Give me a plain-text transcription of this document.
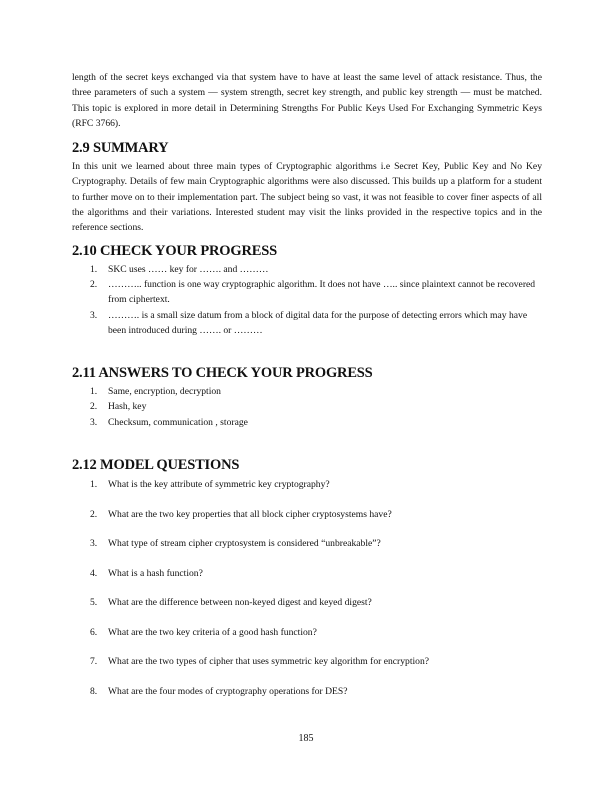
length of the secret keys exchanged via that system have to have at least the same level of attack resistance. Thus, the three parameters of such a system — system strength, secret key strength, and public key strength — must be matched. This topic is explored in more detail in Determining Strengths For Public Keys Used For Exchanging Symmetric Keys (RFC 3766).

2.9 SUMMARY

In this unit we learned about three main types of Cryptographic algorithms i.e Secret Key, Public Key and No Key Cryptography. Details of few main Cryptographic algorithms were also discussed. This builds up a platform for a student to further move on to their implementation part. The subject being so vast, it was not feasible to cover finer aspects of all the algorithms and their variations. Interested student may visit the links provided in the respective topics and in the reference sections.

2.10 CHECK YOUR PROGRESS
1. SKC uses …… key for ……. and ………
2. ……….. function is one way cryptographic algorithm. It does not have ….. since plaintext cannot be recovered from ciphertext.
3. ………. is a small size datum from a block of digital data for the purpose of detecting errors which may have been introduced during ……. or ………
2.11 ANSWERS TO CHECK YOUR PROGRESS
1. Same, encryption, decryption
2. Hash, key
3. Checksum, communication , storage
2.12 MODEL QUESTIONS
1. What is the key attribute of symmetric key cryptography?
2. What are the two key properties that all block cipher cryptosystems have?
3. What type of stream cipher cryptosystem is considered “unbreakable”?
4. What is a hash function?
5. What are the difference between non-keyed digest and keyed digest?
6. What are the two key criteria of a good hash function?
7. What are the two types of cipher that uses symmetric key algorithm for encryption?
8. What are the four modes of cryptography operations for DES?
185
